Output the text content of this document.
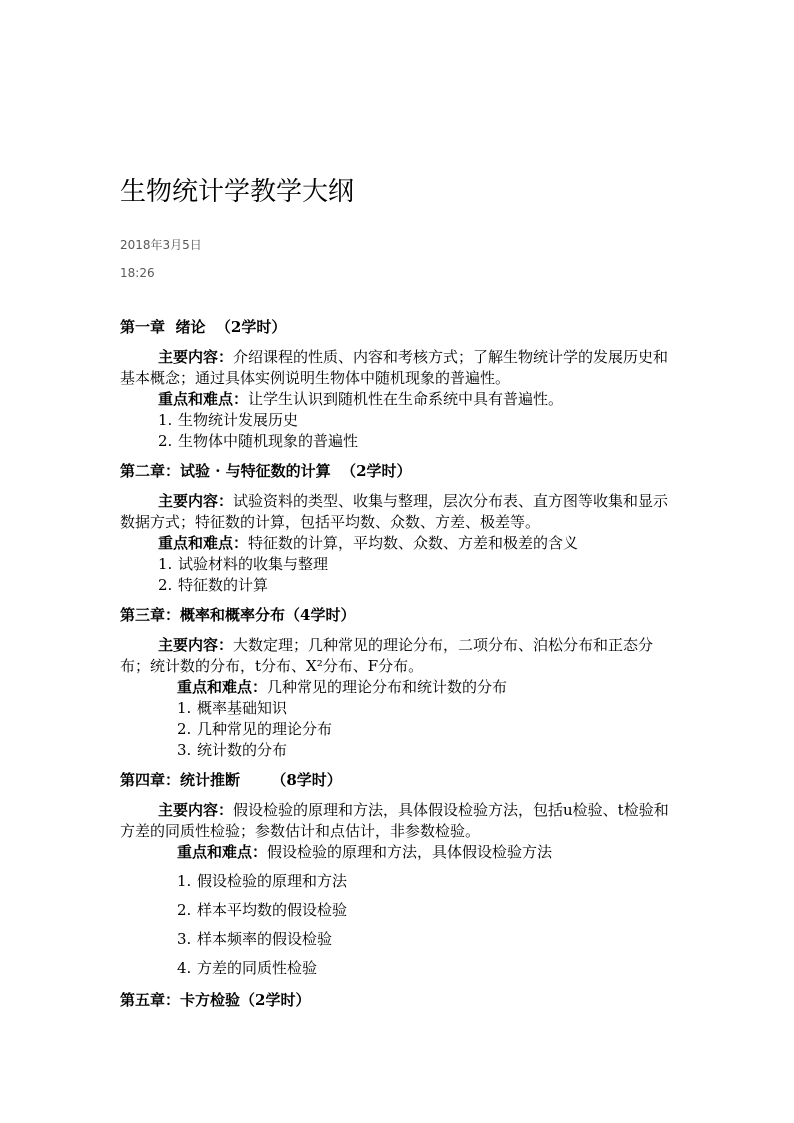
生物统计学教学大纲
2018年3月5日
18:26
第一章  绪论  （2学时）
主要内容：介绍课程的性质、内容和考核方式；了解生物统计学的发展历史和基本概念；通过具体实例说明生物体中随机现象的普遍性。
重点和难点：让学生认识到随机性在生命系统中具有普遍性。
1. 生物统计发展历史
2. 生物体中随机现象的普遍性
第二章：试验 · 与特征数的计算  （2学时）
主要内容：试验资料的类型、收集与整理，层次分布表、直方图等收集和显示数据方式；特征数的计算，包括平均数、众数、方差、极差等。
重点和难点：特征数的计算，平均数、众数、方差和极差的含义
1. 试验材料的收集与整理
2. 特征数的计算
第三章：概率和概率分布（4学时）
主要内容：大数定理；几种常见的理论分布，二项分布、泊松分布和正态分布；统计数的分布，t分布、X²分布、F分布。
重点和难点：几种常见的理论分布和统计数的分布
1. 概率基础知识
2. 几种常见的理论分布
3. 统计数的分布
第四章：统计推断      （8学时）
主要内容：假设检验的原理和方法，具体假设检验方法，包括u检验、t检验和方差的同质性检验；参数估计和点估计，非参数检验。
重点和难点：假设检验的原理和方法，具体假设检验方法
1. 假设检验的原理和方法
2. 样本平均数的假设检验
3. 样本频率的假设检验
4. 方差的同质性检验
第五章：卡方检验（2学时）
